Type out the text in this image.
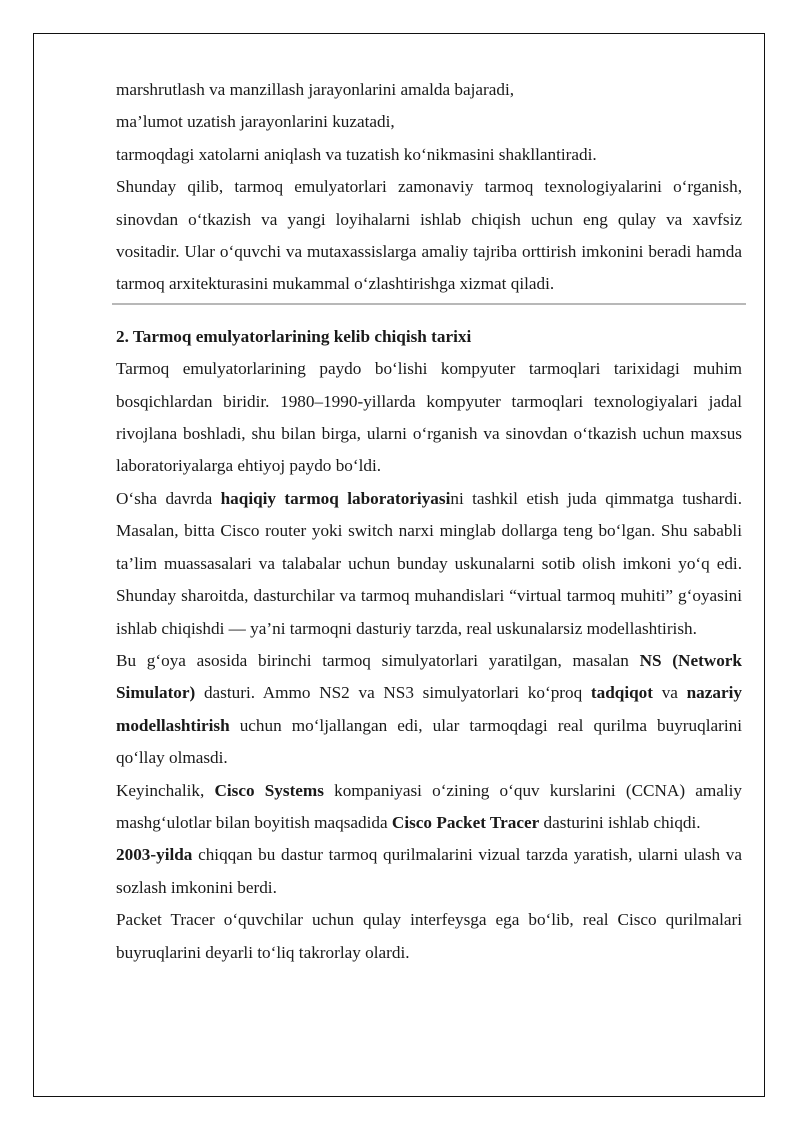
marshrutlash va manzillash jarayonlarini amalda bajaradi,

ma’lumot uzatish jarayonlarini kuzatadi,

tarmoqdagi xatolarni aniqlash va tuzatish ko‘nikmasini shakllantiradi.

Shunday qilib, tarmoq emulyatorlari zamonaviy tarmoq texnologiyalarini o‘rganish, sinovdan o‘tkazish va yangi loyihalarni ishlab chiqish uchun eng qulay va xavfsiz vositadir. Ular o‘quvchi va mutaxassislarga amaliy tajriba orttirish imkonini beradi hamda tarmoq arxitekturasini mukammal o‘zlashtirishga xizmat qiladi.

2. Tarmoq emulyatorlarining kelib chiqish tarixi

Tarmoq emulyatorlarining paydo bo‘lishi kompyuter tarmoqlari tarixidagi muhim bosqichlardan biridir. 1980–1990-yillarda kompyuter tarmoqlari texnologiyalari jadal rivojlana boshladi, shu bilan birga, ularni o‘rganish va sinovdan o‘tkazish uchun maxsus laboratoriyalarga ehtiyoj paydo bo‘ldi.

O‘sha davrda haqiqiy tarmoq laboratoriyasini tashkil etish juda qimmatga tushardi. Masalan, bitta Cisco router yoki switch narxi minglab dollarga teng bo‘lgan. Shu sababli ta’lim muassasalari va talabalar uchun bunday uskunalarni sotib olish imkoni yo‘q edi. Shunday sharoitda, dasturchilar va tarmoq muhandislari “virtual tarmoq muhiti” g‘oyasini ishlab chiqishdi — ya’ni tarmoqni dasturiy tarzda, real uskunalarsiz modellashtirish.

Bu g‘oya asosida birinchi tarmoq simulyatorlari yaratilgan, masalan NS (Network Simulator) dasturi. Ammo NS2 va NS3 simulyatorlari ko‘proq tadqiqot va nazariy modellashtirish uchun mo‘ljallangan edi, ular tarmoqdagi real qurilma buyruqlarini qo‘llay olmasdi.

Keyinchalik, Cisco Systems kompaniyasi o‘zining o‘quv kurslarini (CCNA) amaliy mashg‘ulotlar bilan boyitish maqsadida Cisco Packet Tracer dasturini ishlab chiqdi.

2003-yilda chiqqan bu dastur tarmoq qurilmalarini vizual tarzda yaratish, ularni ulash va sozlash imkonini berdi.

Packet Tracer o‘quvchilar uchun qulay interfeysga ega bo‘lib, real Cisco qurilmalari buyruqlarini deyarli to‘liq takrorlay olardi.
